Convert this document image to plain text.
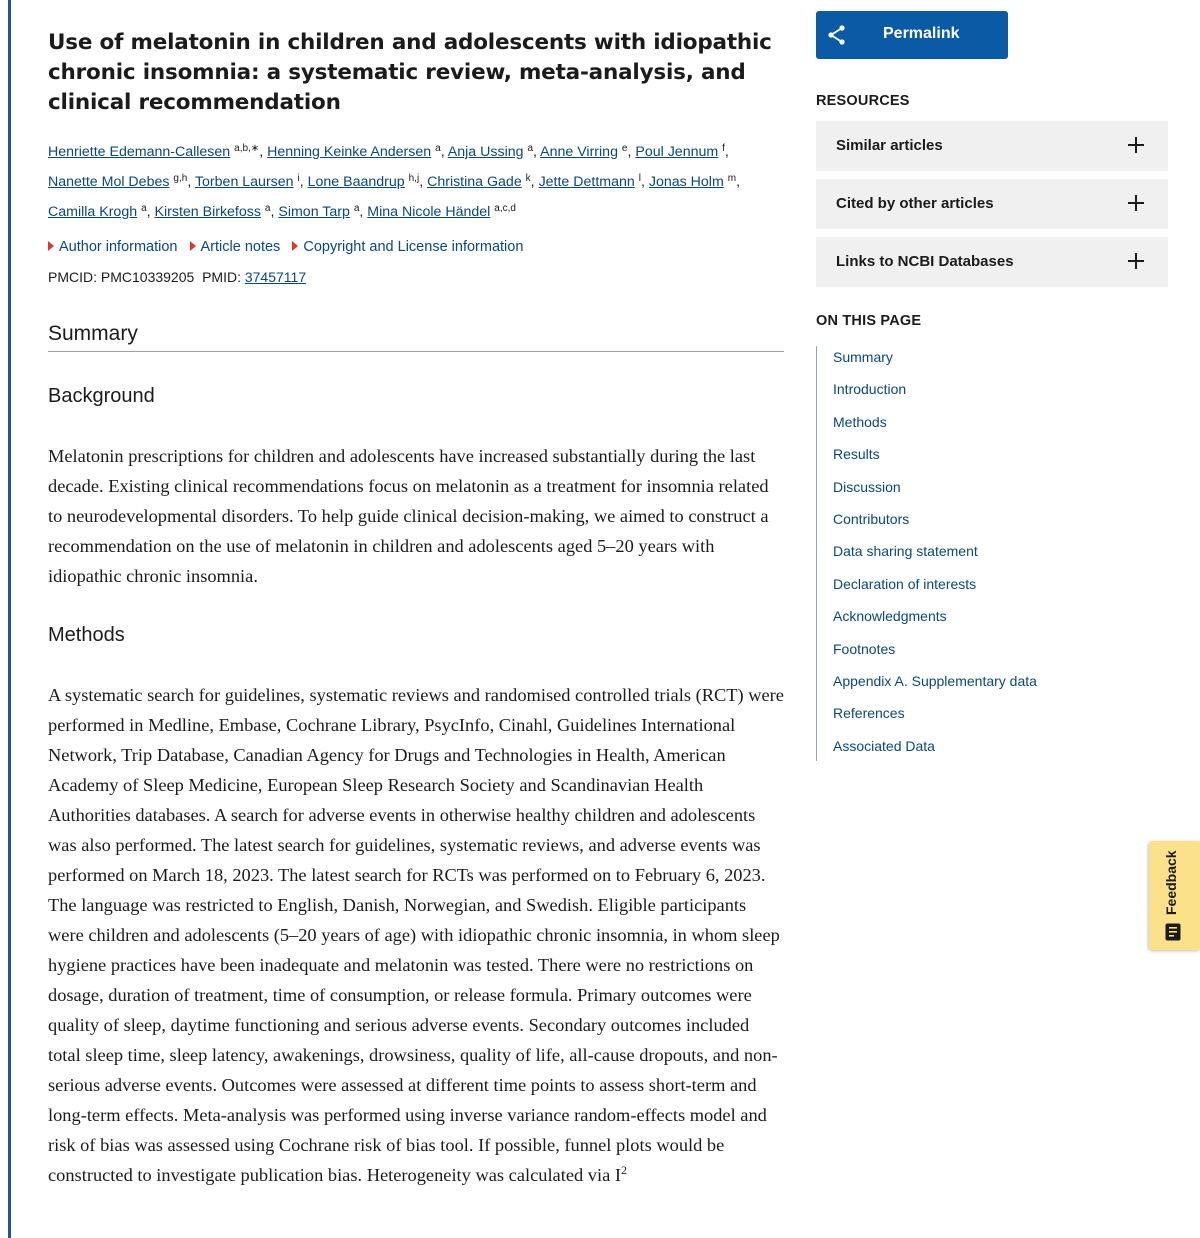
Use of melatonin in children and adolescents with idiopathic chronic insomnia: a systematic review, meta-analysis, and clinical recommendation
Henriette Edemann-Callesen $^{a,b,∗}$, Henning Keinke Andersen $^a$, Anja Ussing $^a$, Anne Virring $^e$, Poul Jennum $^f$,
Nanette Mol Debes $^{g,h}$, Torben Laursen $^i$, Lone Baandrup $^{h,j}$, Christina Gade $^k$, Jette Dettmann $^l$, Jonas Holm $^m$,
Camilla Krogh $^a$, Kirsten Birkefoss $^a$, Simon Tarp $^a$, Mina Nicole Händel $^{a,c,d}$
Author information Article notes Copyright and License information
PMCID: PMC10339205 PMID: 37457117
Summary
Background

Melatonin prescriptions for children and adolescents have increased substantially during the last decade. Existing clinical recommendations focus on melatonin as a treatment for insomnia related to neurodevelopmental disorders. To help guide clinical decision-making, we aimed to construct a recommendation on the use of melatonin in children and adolescents aged 5–20 years with idiopathic chronic insomnia.

Methods

A systematic search for guidelines, systematic reviews and randomised controlled trials (RCT) were performed in Medline, Embase, Cochrane Library, PsycInfo, Cinahl, Guidelines International Network, Trip Database, Canadian Agency for Drugs and Technologies in Health, American Academy of Sleep Medicine, European Sleep Research Society and Scandinavian Health Authorities databases. A search for adverse events in otherwise healthy children and adolescents was also performed. The latest search for guidelines, systematic reviews, and adverse events was performed on March 18, 2023. The latest search for RCTs was performed on to February 6, 2023. The language was restricted to English, Danish, Norwegian, and Swedish. Eligible participants were children and adolescents (5–20 years of age) with idiopathic chronic insomnia, in whom sleep hygiene practices have been inadequate and melatonin was tested. There were no restrictions on dosage, duration of treatment, time of consumption, or release formula. Primary outcomes were quality of sleep, daytime functioning and serious adverse events. Secondary outcomes included total sleep time, sleep latency, awakenings, drowsiness, quality of life, all-cause dropouts, and non-serious adverse events. Outcomes were assessed at different time points to assess short-term and long-term effects. Meta-analysis was performed using inverse variance random-effects model and risk of bias was assessed using Cochrane risk of bias tool. If possible, funnel plots would be constructed to investigate publication bias. Heterogeneity was calculated via $I^2$

Permalink
RESOURCES
Similar articles
Cited by other articles
Links to NCBI Databases
ON THIS PAGE
Summary
Introduction
Methods
Results
Discussion
Contributors
Data sharing statement
Declaration of interests
Acknowledgments
Footnotes
Appendix A. Supplementary data
References
Associated Data
Feedback
